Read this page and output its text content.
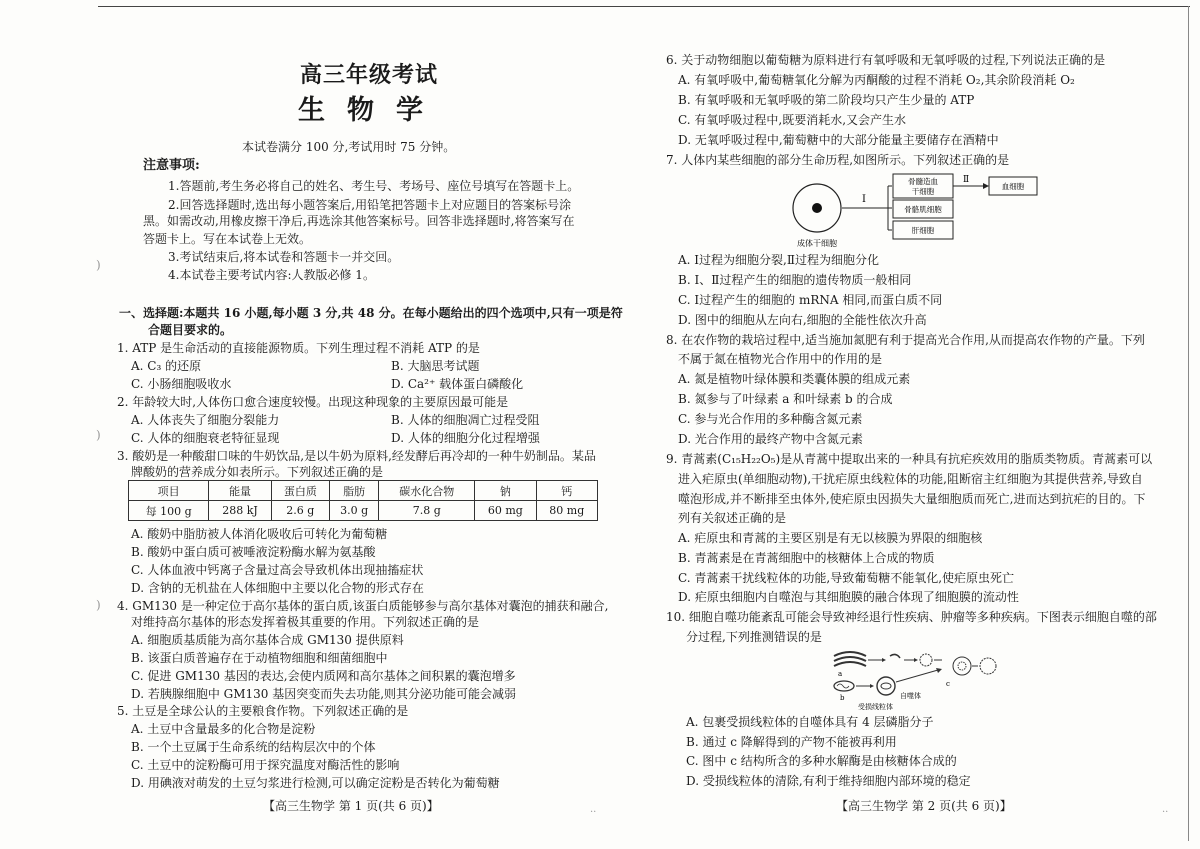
高三年级考试
生物学
本试卷满分 100 分,考试用时 75 分钟。
注意事项:
1.答题前,考生务必将自己的姓名、考生号、考场号、座位号填写在答题卡上。
2.回答选择题时,选出每小题答案后,用铅笔把答题卡上对应题目的答案标号涂
黑。如需改动,用橡皮擦干净后,再选涂其他答案标号。回答非选择题时,将答案写在
答题卡上。写在本试卷上无效。
3.考试结束后,将本试卷和答题卡一并交回。
4.本试卷主要考试内容:人教版必修 1。
一、选择题:本题共 16 小题,每小题 3 分,共 48 分。在每小题给出的四个选项中,只有一项是符
合题目要求的。
1. ATP 是生命活动的直接能源物质。下列生理过程不消耗 ATP 的是
A. C₃ 的还原	B. 大脑思考试题
C. 小肠细胞吸收水	D. Ca²⁺ 载体蛋白磷酸化
2. 年龄较大时,人体伤口愈合速度较慢。出现这种现象的主要原因最可能是
A. 人体丧失了细胞分裂能力	B. 人体的细胞凋亡过程受阻
C. 人体的细胞衰老特征显现	D. 人体的细胞分化过程增强
3. 酸奶是一种酸甜口味的牛奶饮品,是以牛奶为原料,经发酵后再冷却的一种牛奶制品。某品
牌酸奶的营养成分如表所示。下列叙述正确的是
项目	能量	蛋白质	脂肪	碳水化合物	钠	钙
每 100 g	288 kJ	2.6 g	3.0 g	7.8 g	60 mg	80 mg
A. 酸奶中脂肪被人体消化吸收后可转化为葡萄糖
B. 酸奶中蛋白质可被唾液淀粉酶水解为氨基酸
C. 人体血液中钙离子含量过高会导致机体出现抽搐症状
D. 含钠的无机盐在人体细胞中主要以化合物的形式存在
4. GM130 是一种定位于高尔基体的蛋白质,该蛋白质能够参与高尔基体对囊泡的捕获和融合,
对维持高尔基体的形态发挥着极其重要的作用。下列叙述正确的是
A. 细胞质基质能为高尔基体合成 GM130 提供原料
B. 该蛋白质普遍存在于动植物细胞和细菌细胞中
C. 促进 GM130 基因的表达,会使内质网和高尔基体之间积累的囊泡增多
D. 若胰腺细胞中 GM130 基因突变而失去功能,则其分泌功能可能会减弱
5. 土豆是全球公认的主要粮食作物。下列叙述正确的是
A. 土豆中含量最多的化合物是淀粉
B. 一个土豆属于生命系统的结构层次中的个体
C. 土豆中的淀粉酶可用于探究温度对酶活性的影响
D. 用碘液对萌发的土豆匀浆进行检测,可以确定淀粉是否转化为葡萄糖
【高三生物学 第 1 页(共 6 页)】	..
)
)
)
6. 关于动物细胞以葡萄糖为原料进行有氧呼吸和无氧呼吸的过程,下列说法正确的是
A. 有氧呼吸中,葡萄糖氧化分解为丙酮酸的过程不消耗 O₂,其余阶段消耗 O₂
B. 有氧呼吸和无氧呼吸的第二阶段均只产生少量的 ATP
C. 有氧呼吸过程中,既要消耗水,又会产生水
D. 无氧呼吸过程中,葡萄糖中的大部分能量主要储存在酒精中
7. 人体内某些细胞的部分生命历程,如图所示。下列叙述正确的是
成体干细胞
Ⅰ
骨髓造血
干细胞
骨骼肌细胞
肝细胞
Ⅱ
血细胞
A. Ⅰ过程为细胞分裂,Ⅱ过程为细胞分化
B. Ⅰ、Ⅱ过程产生的细胞的遗传物质一般相同
C. Ⅰ过程产生的细胞的 mRNA 相同,而蛋白质不同
D. 图中的细胞从左向右,细胞的全能性依次升高
8. 在农作物的栽培过程中,适当施加氮肥有利于提高光合作用,从而提高农作物的产量。下列
不属于氮在植物光合作用中的作用的是
A. 氮是植物叶绿体膜和类囊体膜的组成元素
B. 氮参与了叶绿素 a 和叶绿素 b 的合成
C. 参与光合作用的多种酶含氮元素
D. 光合作用的最终产物中含氮元素
9. 青蒿素(C₁₅H₂₂O₅)是从青蒿中提取出来的一种具有抗疟疾效用的脂质类物质。青蒿素可以
进入疟原虫(单细胞动物),干扰疟原虫线粒体的功能,阻断宿主红细胞为其提供营养,导致自
噬泡形成,并不断排至虫体外,使疟原虫因损失大量细胞质而死亡,进而达到抗疟的目的。下
列有关叙述正确的是
A. 疟原虫和青蒿的主要区别是有无以核膜为界限的细胞核
B. 青蒿素是在青蒿细胞中的核糖体上合成的物质
C. 青蒿素干扰线粒体的功能,导致葡萄糖不能氧化,使疟原虫死亡
D. 疟原虫细胞内自噬泡与其细胞膜的融合体现了细胞膜的流动性
10. 细胞自噬功能紊乱可能会导致神经退行性疾病、肿瘤等多种疾病。下图表示细胞自噬的部
分过程,下列推测错误的是
a
c
b	自噬体
受损线粒体
A. 包裹受损线粒体的自噬体具有 4 层磷脂分子
B. 通过 c 降解得到的产物不能被再利用
C. 图中 c 结构所含的多种水解酶是由核糖体合成的
D. 受损线粒体的清除,有利于维持细胞内部环境的稳定
【高三生物学 第 2 页(共 6 页)】	..
